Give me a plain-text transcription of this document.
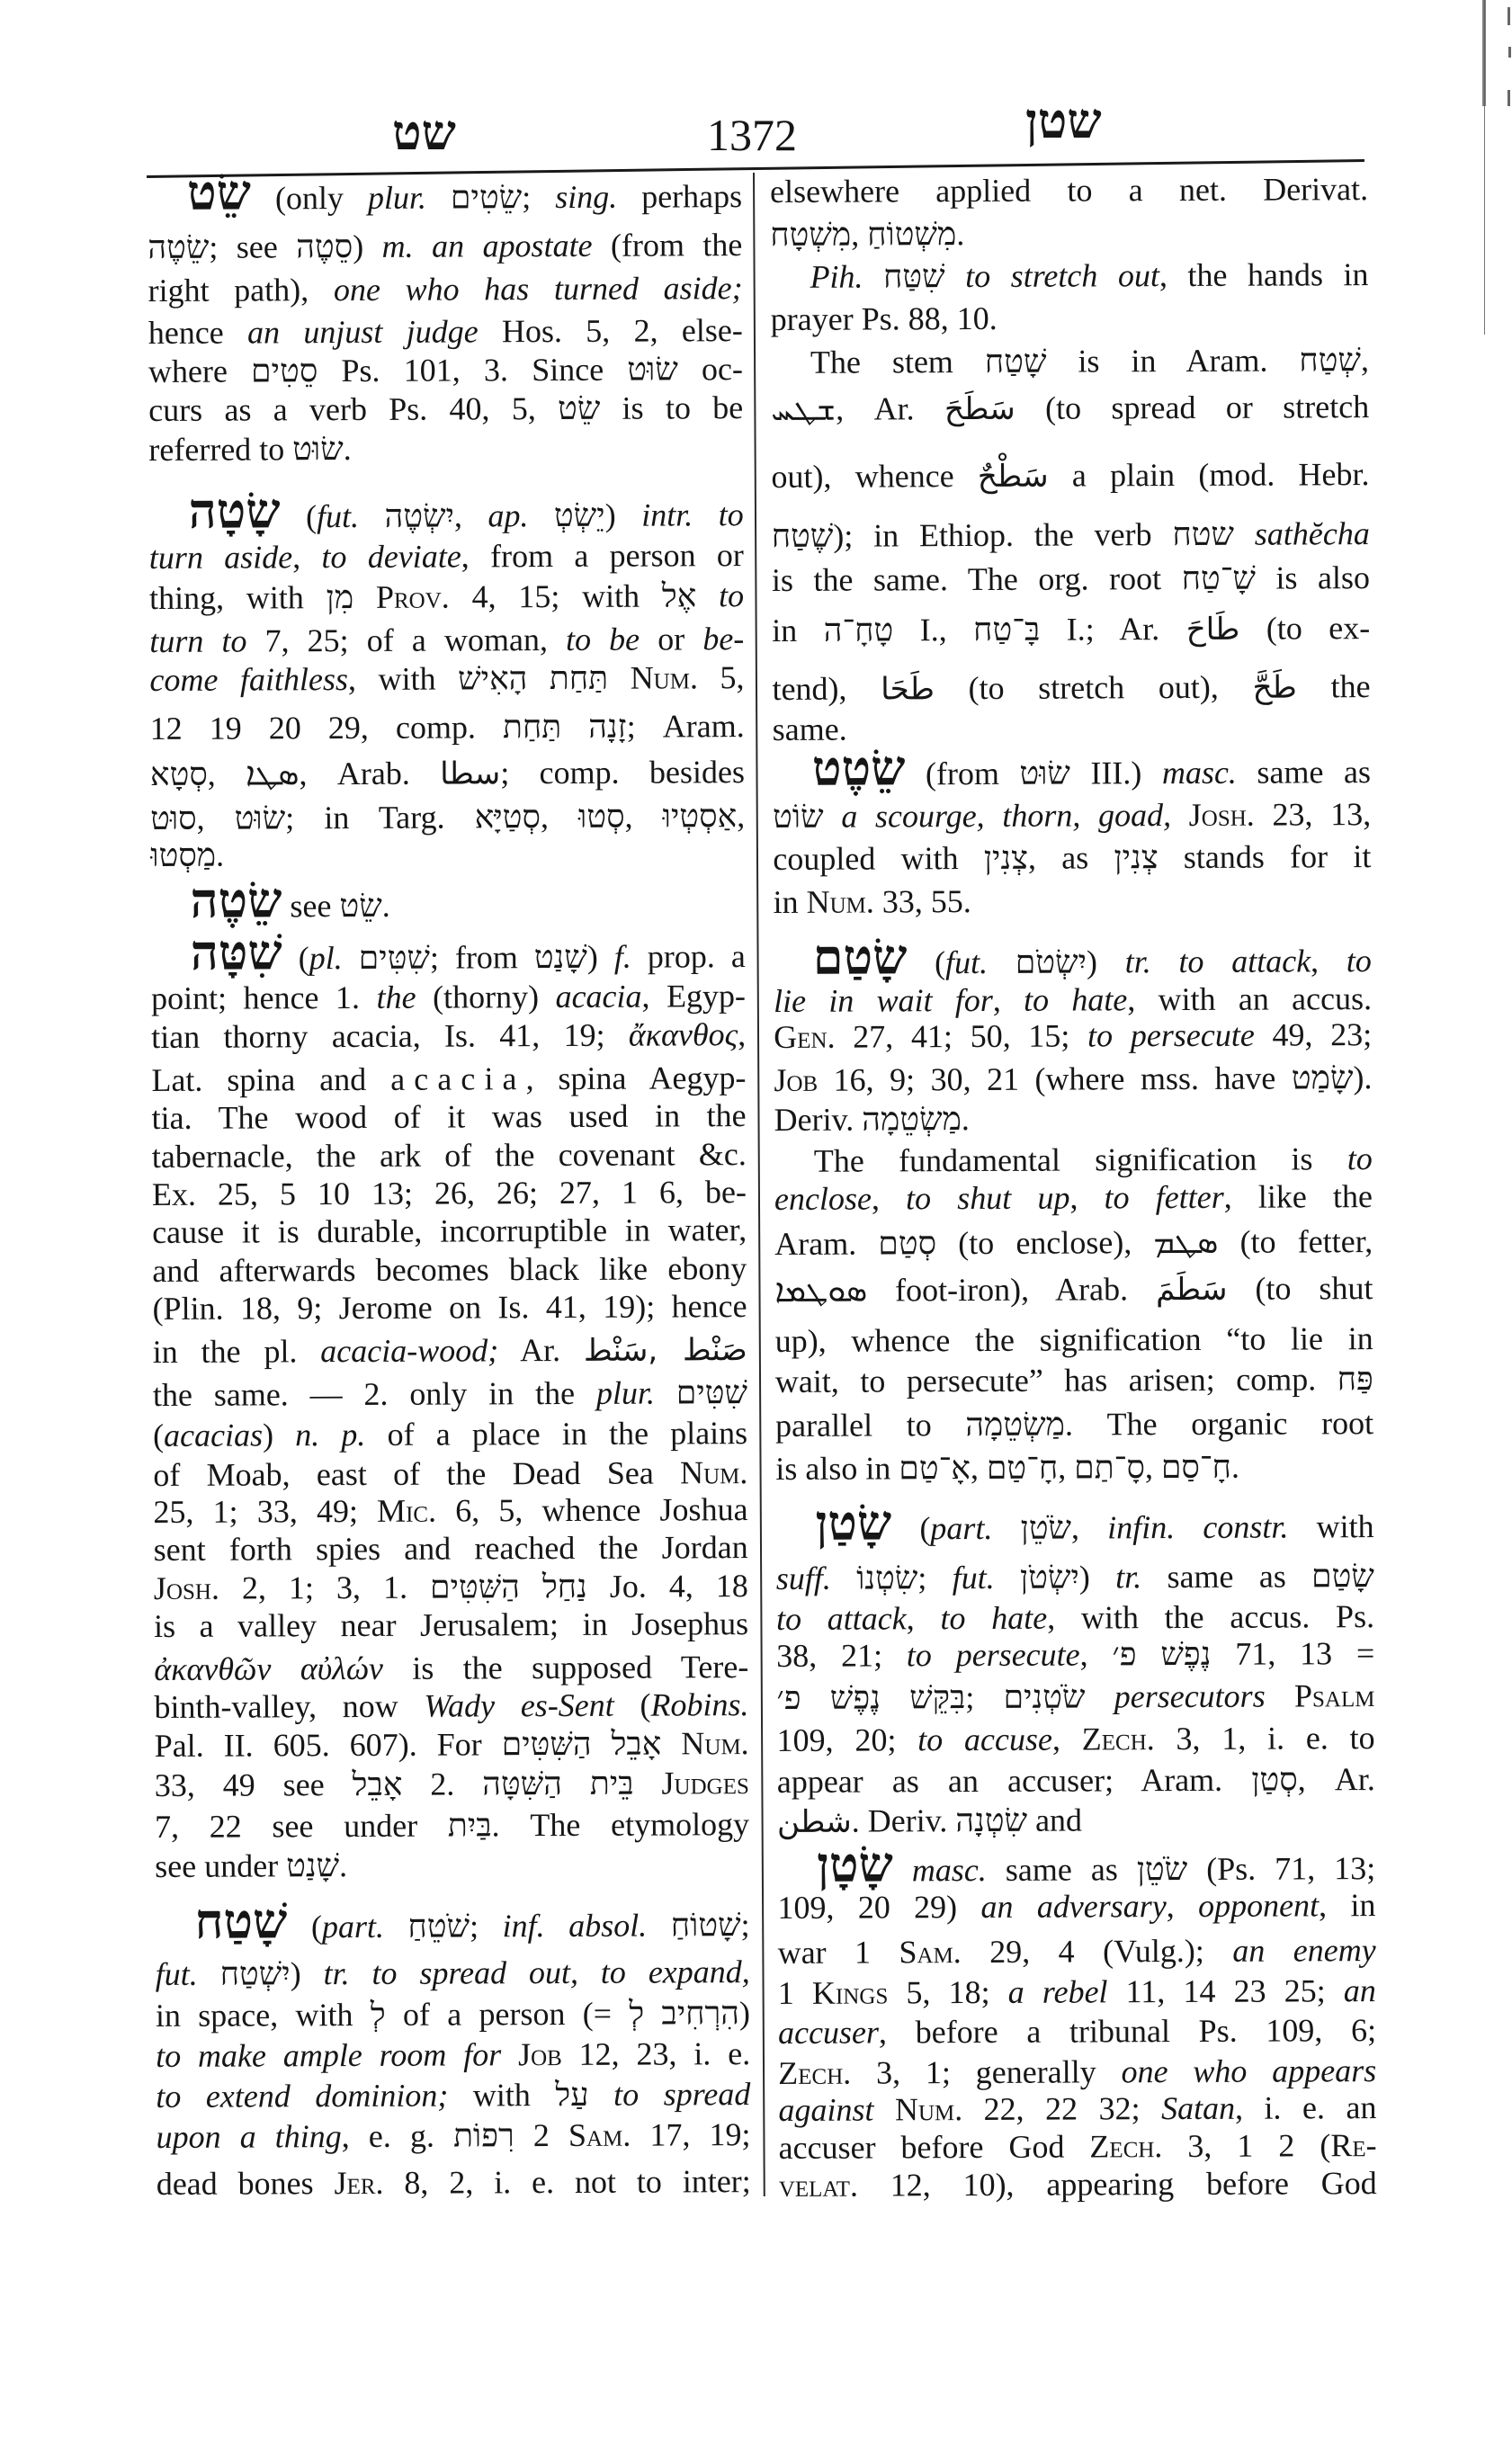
שט	1372	שטן
שֵׂט (only plur. שֵׂטִים; sing. perhaps
שֵׂטֶה; see סֵטֶה) m. an apostate (from the
right path), one who has turned aside;
hence an unjust judge Hos. 5, 2, else-
where סֵטִים Ps. 101, 3. Since שׂוּט oc-
curs as a verb Ps. 40, 5, שֵׂט is to be
referred to שׂוּט.
שָׂטָה (fut. יִשְׂטֶה, ap. יֵשְׂטְ) intr. to
turn aside, to deviate, from a person or
thing, with מִן Prov. 4, 15; with אֶל to
turn to 7, 25; of a woman, to be or be-
come faithless, with תַּחַת הָאִישׁ Num. 5,
12 19 20 29, comp. זָנָה תַּחַת; Aram.
סְטָא,‎ ܣܛܐ, Arab. سطا; comp. besides
סוּט,‎ שׂוּט; in Targ. סְטַיָּא,‎ סְטוּ,‎ אַסְטְיוּ,
מַסְטוּ.
שֵׂטֶה see שֵׂט.
שִׁטָּה (pl. שִׁטִּים; from שָׁנַט) f. prop. a
point; hence 1. the (thorny) acacia, Egyp-
tian thorny acacia, Is. 41, 19; ἄκανθος,
Lat. spina and acacia, spina Aegyp-
tia. The wood of it was used in the
tabernacle, the ark of the covenant &c.
Ex. 25, 5 10 13; 26, 26; 27, 1 6, be-
cause it is durable, incorruptible in water,
and afterwards becomes black like ebony
(Plin. 18, 9; Jerome on Is. 41, 19); hence
in the pl. acacia-wood; Ar. سَنْط,‎ صَنْط
the same. — 2. only in the plur. שִׁטִּים
(acacias) n. p. of a place in the plains
of Moab, east of the Dead Sea Num.
25, 1; 33, 49; Mic. 6, 5, whence Joshua
sent forth spies and reached the Jordan
Josh. 2, 1; 3, 1. נַחַל הַשִּׁטִּים Jo. 4, 18
is a valley near Jerusalem; in Josephus
ἀκανθῶν αὐλών is the supposed Tere-
binth-valley, now Wady es-Sent (Robins.
Pal. II. 605. 607). For אָבֵל הַשִּׁטִּים Num.
33, 49 see אָבֵל‎ 2. בֵּית הַשִּׁטָּה Judges
7, 22 see under בַּיִת. The etymology
see under שָׁנַט.
שָׁטַח (part. שֹׁטֵחַ; inf. absol. שָׁטוֹחַ;
fut. יִשְׁטַח) tr. to spread out, to expand,
in space, with לְ of a person (= הִרְחִיב לְ)
to make ample room for Job 12, 23, i. e.
to extend dominion; with עַל to spread
upon a thing, e. g. רִפוֹת‎ 2 Sam. 17, 19;
dead bones Jer. 8, 2, i. e. not to inter;
elsewhere applied to a net. Derivat.
מִשְׁטָח,‎ מִשְׁטוֹחַ.
Pih. שִׁטַּח to stretch out, the hands in
prayer Ps. 88, 10.
The stem שָׁטַח is in Aram. שְׁטַח,
ܫܛܚ, Ar. سَطَحَ (to spread or stretch
out), whence سَطْحٌ a plain (mod. Hebr.
שֶׁטַח); in Ethiop. the verb שטח sathĕcha
is the same. The org. root שָׁ־טַח is also
in טָחָ־ה I., בָּ־טַח I.; Ar. طَاحَ (to ex-
tend), طَحَا (to stretch out), طَحَّ the
same.
שֵׂטֶט (from שׂוּט III.) masc. same as
שׂוֹט a scourge, thorn, goad, Josh. 23, 13,
coupled with צְנִין, as צְנִין stands for it
in Num. 33, 55.
שָׂטַם (fut. יִשְׂטֹם) tr. to attack, to
lie in wait for, to hate, with an accus.
Gen. 27, 41; 50, 15; to persecute 49, 23;
Job 16, 9; 30, 21 (where mss. have שָׂמַט).
Deriv. מַשְׂטֵמָה.
The fundamental signification is to
enclose, to shut up, to fetter, like the
Aram. סְטַם (to enclose), ܣܛܡ (to fetter,
ܣܘܛܡܐ foot-iron), Arab. سَطَمَ (to shut
up), whence the signification “to lie in
wait, to persecute” has arisen; comp. פַּח
parallel to מַשְׂטֵמָה. The organic root
is also in אָ־טַם,‎ חָ־טַם,‎ סָ־תַם,‎ חָ־סַם.
שָׂטַן (part. שֹׂטֵן, infin. constr. with
suff. שִׂטְנוֹ; fut. יִשְׂטֹן) tr. same as שָׂטַם
to attack, to hate, with the accus. Ps.
38, 21; to persecute, נֶפֶשׁ פ׳‎ 71, 13 =
בִּקֵּשׁ נֶפֶשׁ פ׳;‎ שֹׂטְנִים persecutors Psalm
109, 20; to accuse, Zech. 3, 1, i. e. to
appear as an accuser; Aram. סְטַן, Ar.
شطن. Deriv. שִׂטְנָה and
שָׂטָן masc. same as שֹׂטֵן (Ps. 71, 13;
109, 20 29) an adversary, opponent, in
war 1 Sam. 29, 4 (Vulg.); an enemy
1 Kings 5, 18; a rebel 11, 14 23 25; an
accuser, before a tribunal Ps. 109, 6;
Zech. 3, 1; generally one who appears
against Num. 22, 22 32; Satan, i. e. an
accuser before God Zech. 3, 1 2 (Re-
velat. 12, 10), appearing before God
